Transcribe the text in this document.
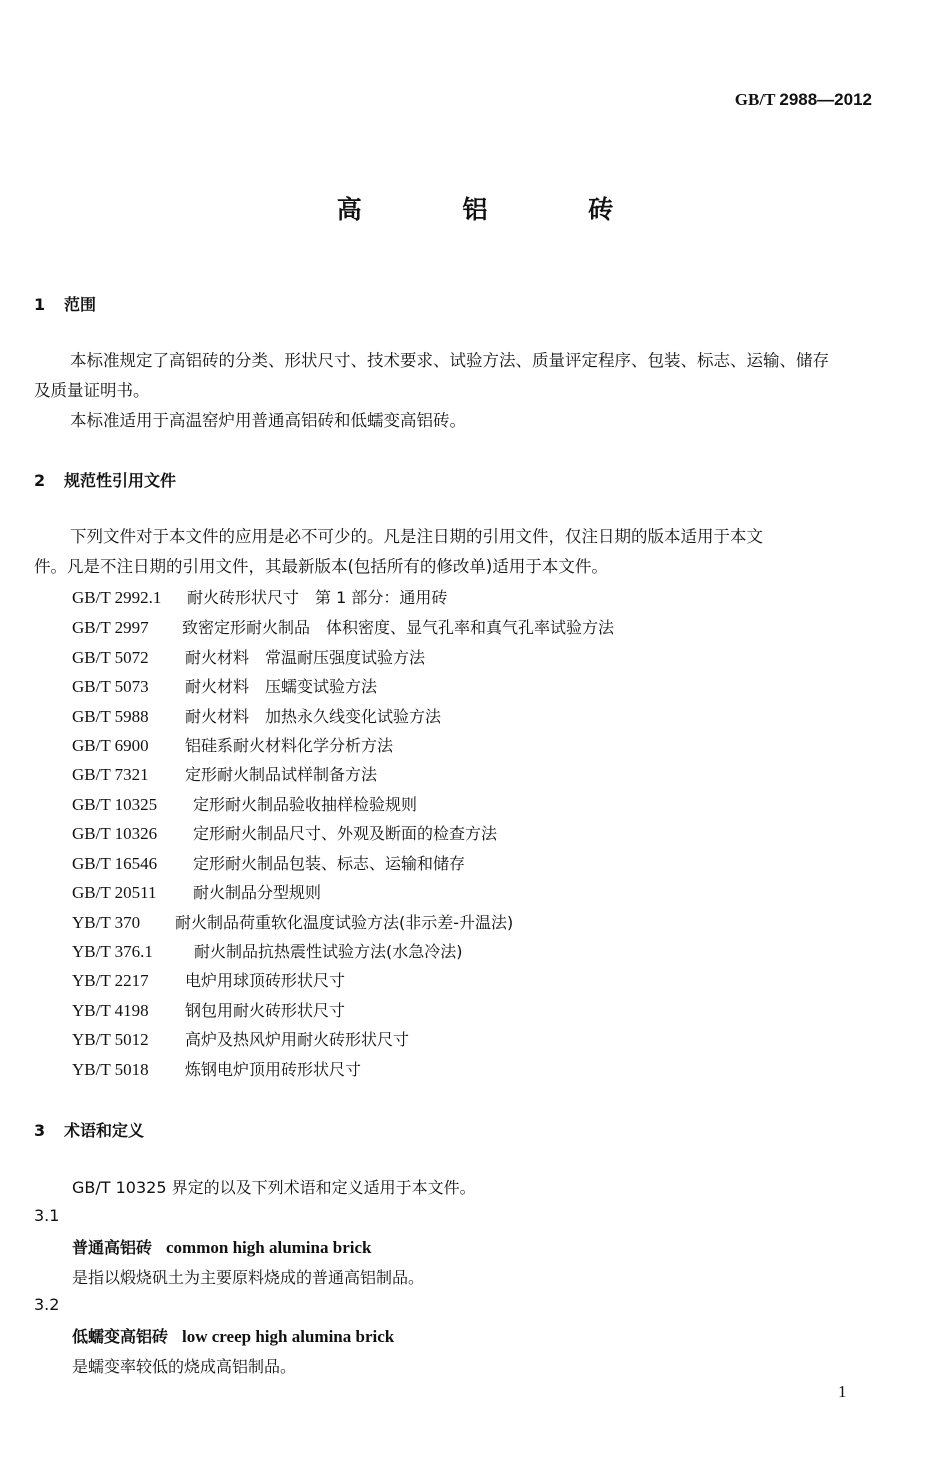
GB/T 2988—2012
高 铝 砖
1 范围
本标准规定了高铝砖的分类、形状尺寸、技术要求、试验方法、质量评定程序、包装、标志、运输、储存
及质量证明书。
本标准适用于高温窑炉用普通高铝砖和低蠕变高铝砖。
2 规范性引用文件
下列文件对于本文件的应用是必不可少的。凡是注日期的引用文件，仅注日期的版本适用于本文
件。凡是不注日期的引用文件，其最新版本(包括所有的修改单)适用于本文件。
GB/T 2992.1 耐火砖形状尺寸　第 1 部分：通用砖
GB/T 2997 致密定形耐火制品　体积密度、显气孔率和真气孔率试验方法
GB/T 5072 耐火材料　常温耐压强度试验方法
GB/T 5073 耐火材料　压蠕变试验方法
GB/T 5988 耐火材料　加热永久线变化试验方法
GB/T 6900 铝硅系耐火材料化学分析方法
GB/T 7321 定形耐火制品试样制备方法
GB/T 10325 定形耐火制品验收抽样检验规则
GB/T 10326 定形耐火制品尺寸、外观及断面的检查方法
GB/T 16546 定形耐火制品包装、标志、运输和储存
GB/T 20511 耐火制品分型规则
YB/T 370 耐火制品荷重软化温度试验方法(非示差-升温法)
YB/T 376.1	耐火制品抗热震性试验方法(水急冷法)
YB/T 2217 电炉用球顶砖形状尺寸
YB/T 4198 钢包用耐火砖形状尺寸
YB/T 5012 高炉及热风炉用耐火砖形状尺寸
YB/T 5018 炼钢电炉顶用砖形状尺寸
3 术语和定义
GB/T 10325 界定的以及下列术语和定义适用于本文件。
3.1
普通高铝砖 common high alumina brick
是指以煅烧矾土为主要原料烧成的普通高铝制品。
3.2
低蠕变高铝砖 low creep high alumina brick
是蠕变率较低的烧成高铝制品。
1
